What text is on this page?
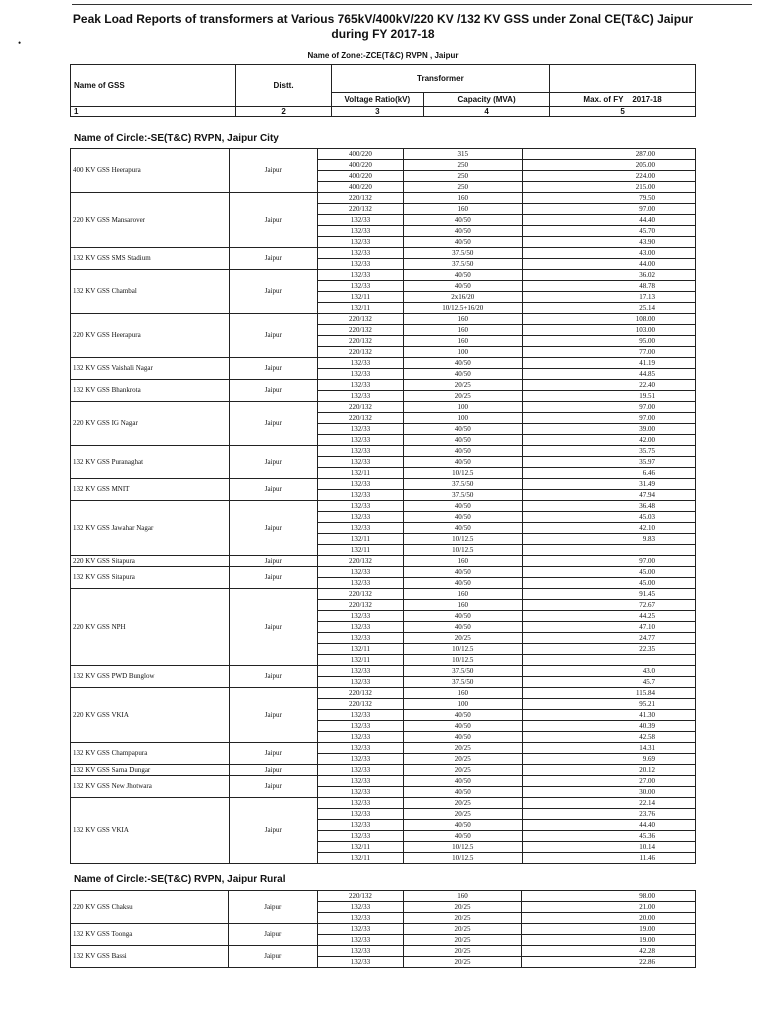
•
Peak Load Reports of transformers at Various 765kV/400kV/220 KV /132 KV GSS under Zonal CE(T&C) Jaipur
during FY 2017-18
Name of Zone:-ZCE(T&C) RVPN , Jaipur
Name of GSS	Distt.	Transformer		
		Voltage Ratio(kV)	Capacity (MVA)	Max. of FY 2017-18
1	2	3	4	5
Name of Circle:-SE(T&C) RVPN, Jaipur City
400 KV GSS Heerapura	Jaipur	400/220	315	287.00
		400/220	250	205.00
		400/220	250	224.00
		400/220	250	215.00
220 KV GSS Mansarover	Jaipur	220/132	160	79.50
		220/132	160	97.00
		132/33	40/50	44.40
		132/33	40/50	45.70
		132/33	40/50	43.90
132 KV GSS SMS Stadium	Jaipur	132/33	37.5/50	43.00
		132/33	37.5/50	44.00
132 KV GSS Chambal	Jaipur	132/33	40/50	36.02
		132/33	40/50	48.78
		132/11	2x16/20	17.13
		132/11	10/12.5+16/20	25.14
220 KV GSS Heerapura	Jaipur	220/132	160	108.00
		220/132	160	103.00
		220/132	160	95.00
		220/132	100	77.00
132 KV GSS Vaishali Nagar	Jaipur	132/33	40/50	41.19
		132/33	40/50	44.85
132 KV GSS Bhankrota	Jaipur	132/33	20/25	22.40
		132/33	20/25	19.51
220 KV GSS IG Nagar	Jaipur	220/132	100	97.00
		220/132	100	97.00
		132/33	40/50	39.00
		132/33	40/50	42.00
132 KV GSS Puranaghat	Jaipur	132/33	40/50	35.75
		132/33	40/50	35.97
		132/11	10/12.5	6.46
132 KV GSS MNIT	Jaipur	132/33	37.5/50	31.49
		132/33	37.5/50	47.94
132 KV GSS Jawahar Nagar	Jaipur	132/33	40/50	36.48
		132/33	40/50	45.03
		132/33	40/50	42.10
		132/11	10/12.5	9.83
		132/11	10/12.5	
220 KV GSS Sitapura	Jaipur	220/132	160	97.00
132 KV GSS Sitapura	Jaipur	132/33	40/50	45.00
		132/33	40/50	45.00
220 KV GSS NPH	Jaipur	220/132	160	91.45
		220/132	160	72.67
		132/33	40/50	44.25
		132/33	40/50	47.10
		132/33	20/25	24.77
		132/11	10/12.5	22.35
		132/11	10/12.5	
132 KV GSS PWD Bunglow	Jaipur	132/33	37.5/50	43.0
		132/33	37.5/50	45.7
220 KV GSS VKIA	Jaipur	220/132	160	115.84
		220/132	100	95.21
		132/33	40/50	41.30
		132/33	40/50	40.39
		132/33	40/50	42.58
132 KV GSS Champapura	Jaipur	132/33	20/25	14.31
		132/33	20/25	9.69
132 KV GSS Sarna Dungar	Jaipur	132/33	20/25	20.12
132 KV GSS New Jhotwara	Jaipur	132/33	40/50	27.00
		132/33	40/50	30.00
132 KV GSS VKIA	Jaipur	132/33	20/25	22.14
		132/33	20/25	23.76
		132/33	40/50	44.40
		132/33	40/50	45.36
		132/11	10/12.5	10.14
		132/11	10/12.5	11.46
Name of Circle:-SE(T&C) RVPN, Jaipur Rural
220 KV GSS Chaksu	Jaipur	220/132	160	98.00
		132/33	20/25	21.00
		132/33	20/25	20.00
132 KV GSS Toonga	Jaipur	132/33	20/25	19.00
		132/33	20/25	19.00
132 KV GSS Bassi	Jaipur	132/33	20/25	42.28
		132/33	20/25	22.86
